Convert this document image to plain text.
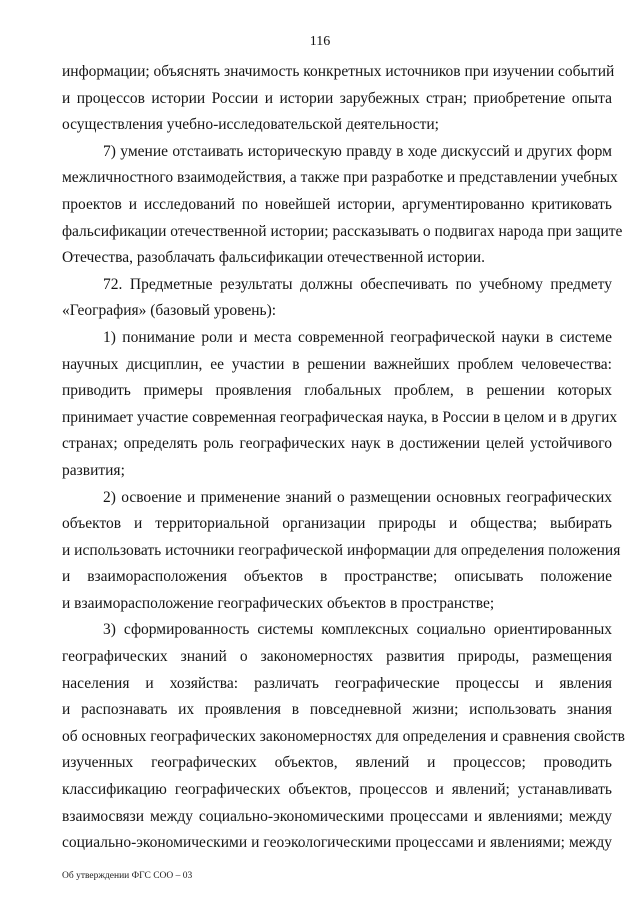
116
информации; объяснять значимость конкретных источников при изучении событий
и процессов истории России и истории зарубежных стран; приобретение опыта
осуществления учебно-исследовательской деятельности;
7) умение отстаивать историческую правду в ходе дискуссий и других форм
межличностного взаимодействия, а также при разработке и представлении учебных
проектов и исследований по новейшей истории, аргументированно критиковать
фальсификации отечественной истории; рассказывать о подвигах народа при защите
Отечества, разоблачать фальсификации отечественной истории.
72. Предметные результаты должны обеспечивать по учебному предмету
«География» (базовый уровень):
1) понимание роли и места современной географической науки в системе
научных дисциплин, ее участии в решении важнейших проблем человечества:
приводить примеры проявления глобальных проблем, в решении которых
принимает участие современная географическая наука, в России в целом и в других
странах; определять роль географических наук в достижении целей устойчивого
развития;
2) освоение и применение знаний о размещении основных географических
объектов и территориальной организации природы и общества; выбирать
и использовать источники географической информации для определения положения
и взаиморасположения объектов в пространстве; описывать положение
и взаиморасположение географических объектов в пространстве;
3) сформированность системы комплексных социально ориентированных
географических знаний о закономерностях развития природы, размещения
населения и хозяйства: различать географические процессы и явления
и распознавать их проявления в повседневной жизни; использовать знания
об основных географических закономерностях для определения и сравнения свойств
изученных географических объектов, явлений и процессов; проводить
классификацию географических объектов, процессов и явлений; устанавливать
взаимосвязи между социально-экономическими процессами и явлениями; между
социально-экономическими и геоэкологическими процессами и явлениями; между
Об утверждении ФГС СОО – 03
